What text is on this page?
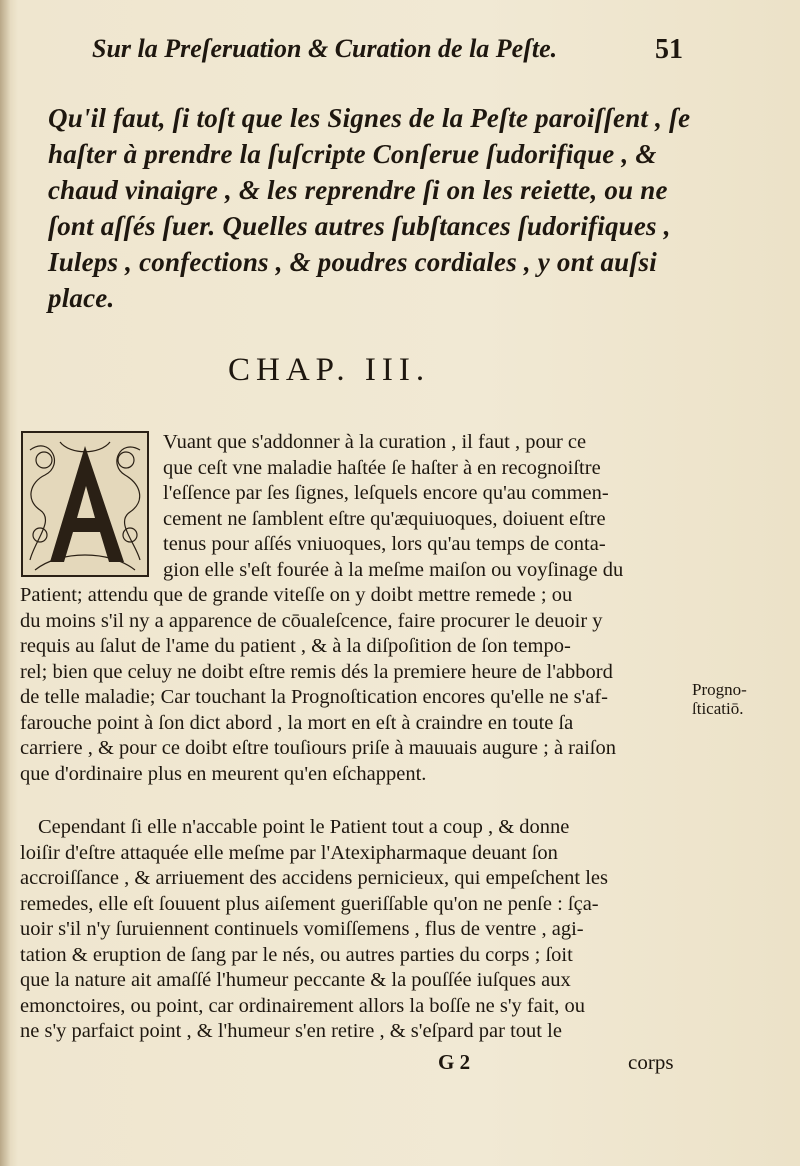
Sur la Preſeruation & Curation de la Peſte.	51
Qu'il faut, ſi toſt que les Signes de la Peſte paroiſſent , ſe
haſter à prendre la ſuſcripte Conſerue ſudorifique , &
chaud vinaigre , & les reprendre ſi on les reiette, ou ne
ſont aſſés ſuer. Quelles autres ſubſtances ſudorifiques ,
Iuleps , confections , & poudres cordiales , y ont auſsi
place.
CHAP. III.
Vuant que s'addonner à la curation , il faut , pour ce
que ceſt vne maladie haſtée ſe haſter à en recognoiſtre
l'eſſence par ſes ſignes, leſquels encore qu'au commen-
cement ne ſamblent eſtre qu'æquiuoques, doiuent eſtre
tenus pour aſſés vniuoques, lors qu'au temps de conta-
gion elle s'eſt fourée à la meſme maiſon ou voyſinage du
Patient; attendu que de grande viteſſe on y doibt mettre remede ; ou
du moins s'il ny a apparence de cōualeſcence, faire procurer le deuoir y
requis au ſalut de l'ame du patient , & à la diſpoſition de ſon tempo-
rel; bien que celuy ne doibt eſtre remis dés la premiere heure de l'abbord
de telle maladie; Car touchant la Prognoſtication encores qu'elle ne s'af-
farouche point à ſon dict abord , la mort en eſt à craindre en toute ſa
carriere , & pour ce doibt eſtre touſiours priſe à mauuais augure ; à raiſon
que d'ordinaire plus en meurent qu'en eſchappent.
Progno-
ſticatiō.
Cependant ſi elle n'accable point le Patient tout a coup , & donne
loiſir d'eſtre attaquée elle meſme par l'Atexipharmaque deuant ſon
accroiſſance , & arriuement des accidens pernicieux, qui empeſchent les
remedes, elle eſt ſouuent plus aiſement gueriſſable qu'on ne penſe : ſça-
uoir s'il n'y ſuruiennent continuels vomiſſemens , flus de ventre , agi-
tation & eruption de ſang par le nés, ou autres parties du corps ; ſoit
que la nature ait amaſſé l'humeur peccante & la pouſſée iuſques aux
emonctoires, ou point, car ordinairement allors la boſſe ne s'y fait, ou
ne s'y parfaict point , & l'humeur s'en retire , & s'eſpard par tout le
G 2	corps
